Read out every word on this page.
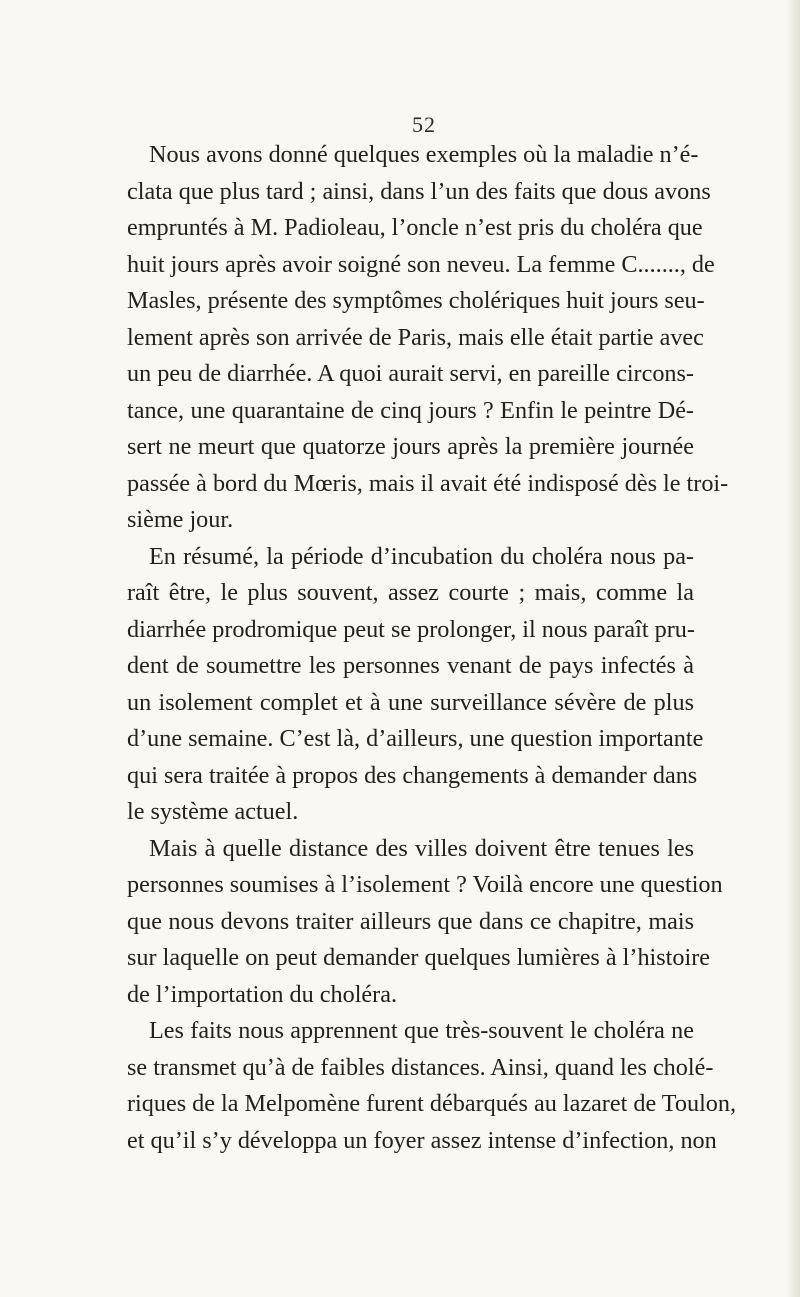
52
Nous avons donné quelques exemples où la maladie n’é-
clata que plus tard ; ainsi, dans l’un des faits que dous avons
empruntés à M. Padioleau, l’oncle n’est pris du choléra que
huit jours après avoir soigné son neveu. La femme C......., de
Masles, présente des symptômes cholériques huit jours seu-
lement après son arrivée de Paris, mais elle était partie avec
un peu de diarrhée. A quoi aurait servi, en pareille circons-
tance, une quarantaine de cinq jours ? Enfin le peintre Dé-
sert ne meurt que quatorze jours après la première journée
passée à bord du Mœris, mais il avait été indisposé dès le troi-
sième jour.
En résumé, la période d’incubation du choléra nous pa-
raît être, le plus souvent, assez courte ; mais, comme la
diarrhée prodromique peut se prolonger, il nous paraît pru-
dent de soumettre les personnes venant de pays infectés à
un isolement complet et à une surveillance sévère de plus
d’une semaine. C’est là, d’ailleurs, une question importante
qui sera traitée à propos des changements à demander dans
le système actuel.
Mais à quelle distance des villes doivent être tenues les
personnes soumises à l’isolement ? Voilà encore une question
que nous devons traiter ailleurs que dans ce chapitre, mais
sur laquelle on peut demander quelques lumières à l’histoire
de l’importation du choléra.
Les faits nous apprennent que très-souvent le choléra ne
se transmet qu’à de faibles distances. Ainsi, quand les cholé-
riques de la Melpomène furent débarqués au lazaret de Toulon,
et qu’il s’y développa un foyer assez intense d’infection, non
